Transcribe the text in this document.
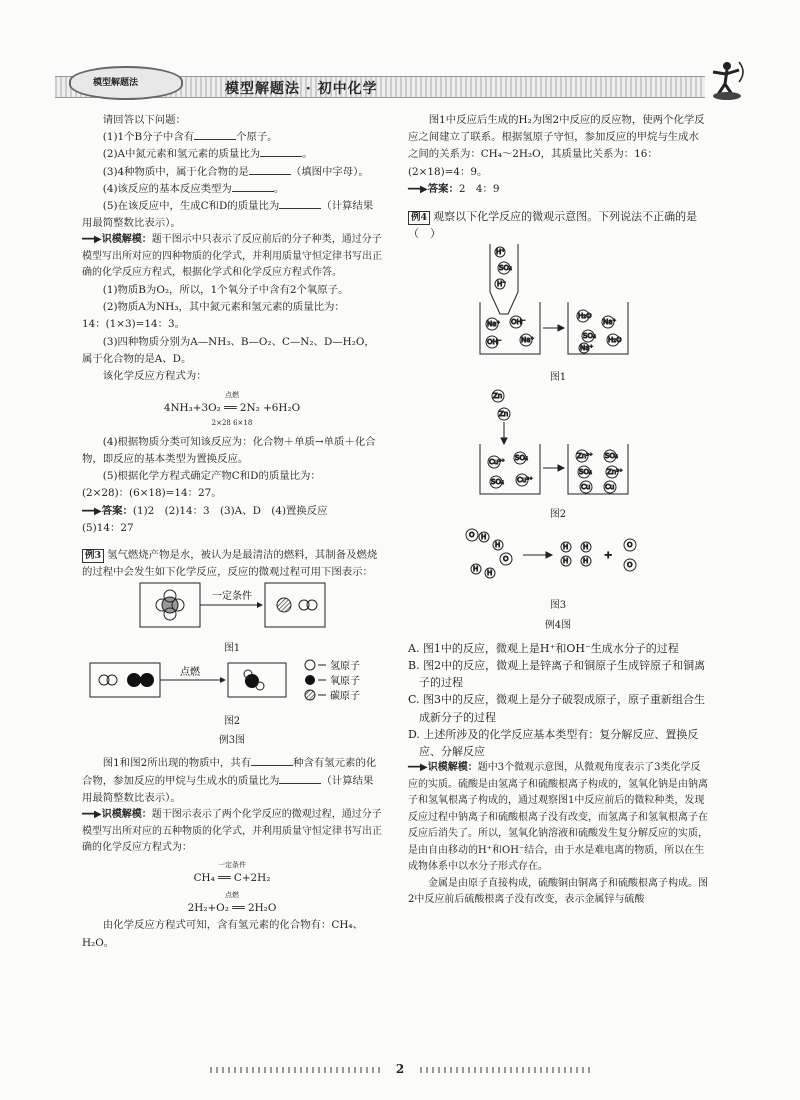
模型解题法	模型解题法 · 初中化学

请回答以下问题：

(1)1个B分子中含有	个原子。

(2)A中氮元素和氢元素的质量比为	。

(3)4种物质中，属于化合物的是	（填图中字母）。

(4)该反应的基本反应类型为	。

(5)在该反应中，生成C和D的质量比为	（计算结果用最简整数比表示）。

━━▶识模解模：题干图示中只表示了反应前后的分子种类，通过分子模型写出所对应的四种物质的化学式，并利用质量守恒定律书写出正确的化学反应方程式，根据化学式和化学反应方程式作答。

(1)物质B为O₂，所以，1个氧分子中含有2个氧原子。

(2)物质A为NH₃，其中氮元素和氢元素的质量比为：

14：(1×3)=14：3。

(3)四种物质分别为A—NH₃、B—O₂、C—N₂、D—H₂O，属于化合物的是A、D。

该化学反应方程式为：

点燃
4NH₃+3O₂ ══ 2N₂ +6H₂O
2×28 6×18

(4)根据物质分类可知该反应为：化合物＋单质→单质＋化合物，即反应的基本类型为置换反应。

(5)根据化学方程式确定产物C和D的质量比为：

(2×28)：(6×18)=14：27。

━━▶答案：(1)2　(2)14：3　(3)A、D　(4)置换反应

(5)14：27

例3 氢气燃烧产物是水，被认为是最清洁的燃料，其制备及燃烧的过程中会发生如下化学反应，反应的微观过程可用下图表示：

一定条件
图1
点燃
氢原子
氧原子
碳原子
图2
例3图

图1和图2所出现的物质中，共有	种含有氢元素的化合物，参加反应的甲烷与生成水的质量比为	（计算结果用最简整数比表示）。

━━▶识模解模：题干图示表示了两个化学反应的微观过程，通过分子模型写出所对应的五种物质的化学式，并利用质量守恒定律书写出正确的化学反应方程式为：

一定条件
CH₄ ══ C+2H₂
点燃
2H₂+O₂ ══ 2H₂O

由化学反应方程式可知，含有氢元素的化合物有：CH₄、H₂O。

图1中反应后生成的H₂为图2中反应的反应物，使两个化学反应之间建立了联系。根据氢原子守恒，参加反应的甲烷与生成水之间的关系为：CH₄～2H₂O，其质量比关系为：16：(2×18)=4：9。

━━▶答案：2　4：9

例4 观察以下化学反应的微观示意图。下列说法不正确的是（　）

H⁺
SO₄
H⁻
Na⁺ OH⁻
OH⁻	Na⁺
H₂O
Na⁺
SO₄ H₂O
Na⁺
图1
Zn
Zn
Cu²⁺ SO₄
SO₄ Cu²⁺
Zn²⁺ SO₄
SO₄ Zn²⁺
Cu Cu
图2
O H
H
O
H H
H
H
H
H +
O
O
图3
例4图

A. 图1中的反应，微观上是H⁺和OH⁻生成水分子的过程

B. 图2中的反应，微观上是锌离子和铜原子生成锌原子和铜离子的过程

C. 图3中的反应，微观上是分子破裂成原子，原子重新组合生成新分子的过程

D. 上述所涉及的化学反应基本类型有：复分解反应、置换反应、分解反应

━━▶识模解模：题中3个微观示意图，从微观角度表示了3类化学反应的实质。硫酸是由氢离子和硫酸根离子构成的，氢氧化钠是由钠离子和氢氧根离子构成的，通过观察图1中反应前后的微粒种类，发现反应过程中钠离子和硫酸根离子没有改变，而氢离子和氢氧根离子在反应后消失了。所以，氢氧化钠溶液和硫酸发生复分解反应的实质，是由自由移动的H⁺和OH⁻结合，由于水是难电离的物质，所以在生成物体系中以水分子形式存在。

金属是由原子直接构成，硫酸铜由铜离子和硫酸根离子构成。图2中反应前后硫酸根离子没有改变，表示金属锌与硫酸

2
